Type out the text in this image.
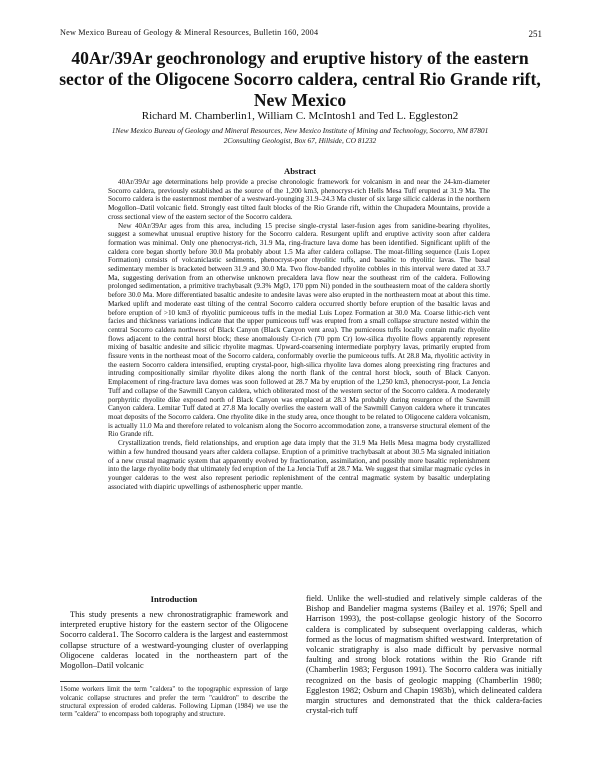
New Mexico Bureau of Geology & Mineral Resources, Bulletin 160, 2004	251
40Ar/39Ar geochronology and eruptive history of the eastern sector of the Oligocene Socorro caldera, central Rio Grande rift, New Mexico
Richard M. Chamberlin1, William C. McIntosh1 and Ted L. Eggleston2
1New Mexico Bureau of Geology and Mineral Resources, New Mexico Institute of Mining and Technology, Socorro, NM 87801
2Consulting Geologist, Box 67, Hillside, CO 81232
Abstract

40Ar/39Ar age determinations help provide a precise chronologic framework for volcanism in and near the 24-km-diameter Socorro caldera, previously established as the source of the 1,200 km3, phenocryst-rich Hells Mesa Tuff erupted at 31.9 Ma. The Socorro caldera is the easternmost member of a westward-younging 31.9–24.3 Ma cluster of six large silicic calderas in the northern Mogollon–Datil volcanic field. Strongly east tilted fault blocks of the Rio Grande rift, within the Chupadera Mountains, provide a cross sectional view of the eastern sector of the Socorro caldera.

New 40Ar/39Ar ages from this area, including 15 precise single-crystal laser-fusion ages from sanidine-bearing rhyolites, suggest a somewhat unusual eruptive history for the Socorro caldera. Resurgent uplift and eruptive activity soon after caldera formation was minimal. Only one phenocryst-rich, 31.9 Ma, ring-fracture lava dome has been identified. Significant uplift of the caldera core began shortly before 30.0 Ma probably about 1.5 Ma after caldera collapse. The moat-filling sequence (Luis Lopez Formation) consists of volcaniclastic sediments, phenocryst-poor rhyolitic tuffs, and basaltic to rhyolitic lavas. The basal sedimentary member is bracketed between 31.9 and 30.0 Ma. Two flow-banded rhyolite cobbles in this interval were dated at 33.7 Ma, suggesting derivation from an otherwise unknown precaldera lava flow near the southeast rim of the caldera. Following prolonged sedimentation, a primitive trachybasalt (9.3% MgO, 170 ppm Ni) ponded in the southeastern moat of the caldera shortly before 30.0 Ma. More differentiated basaltic andesite to andesite lavas were also erupted in the northeastern moat at about this time. Marked uplift and moderate east tilting of the central Socorro caldera occurred shortly before eruption of the basaltic lavas and before eruption of >10 km3 of rhyolitic pumiceous tuffs in the medial Luis Lopez Formation at 30.0 Ma. Coarse lithic-rich vent facies and thickness variations indicate that the upper pumiceous tuff was erupted from a small collapse structure nested within the central Socorro caldera northwest of Black Canyon (Black Canyon vent area). The pumiceous tuffs locally contain mafic rhyolite flows adjacent to the central horst block; these anomalously Cr-rich (70 ppm Cr) low-silica rhyolite flows apparently represent mixing of basaltic andesite and silicic rhyolite magmas. Upward-coarsening intermediate porphyry lavas, primarily erupted from fissure vents in the northeast moat of the Socorro caldera, conformably overlie the pumiceous tuffs. At 28.8 Ma, rhyolitic activity in the eastern Socorro caldera intensified, erupting crystal-poor, high-silica rhyolite lava domes along preexisting ring fractures and intruding compositionally similar rhyolite dikes along the north flank of the central horst block, south of Black Canyon. Emplacement of ring-fracture lava domes was soon followed at 28.7 Ma by eruption of the 1,250 km3, phenocryst-poor, La Jencia Tuff and collapse of the Sawmill Canyon caldera, which obliterated most of the western sector of the Socorro caldera. A moderately porphyritic rhyolite dike exposed north of Black Canyon was emplaced at 28.3 Ma probably during resurgence of the Sawmill Canyon caldera. Lemitar Tuff dated at 27.8 Ma locally overlies the eastern wall of the Sawmill Canyon caldera where it truncates moat deposits of the Socorro caldera. One rhyolite dike in the study area, once thought to be related to Oligocene caldera volcanism, is actually 11.0 Ma and therefore related to volcanism along the Socorro accommodation zone, a transverse structural element of the Rio Grande rift.

Crystallization trends, field relationships, and eruption age data imply that the 31.9 Ma Hells Mesa magma body crystallized within a few hundred thousand years after caldera collapse. Eruption of a primitive trachybasalt at about 30.5 Ma signaled initiation of a new crustal magmatic system that apparently evolved by fractionation, assimilation, and possibly more basaltic replenishment into the large rhyolite body that ultimately fed eruption of the La Jencia Tuff at 28.7 Ma. We suggest that similar magmatic cycles in younger calderas to the west also represent periodic replenishment of the central magmatic system by basaltic underplating associated with diapiric upwellings of asthenospheric upper mantle.

Introduction

This study presents a new chronostratigraphic framework and interpreted eruptive history for the eastern sector of the Oligocene Socorro caldera1. The Socorro caldera is the largest and easternmost collapse structure of a westward-younging cluster of overlapping Oligocene calderas located in the northeastern part of the Mogollon–Datil volcanic

1Some workers limit the term "caldera" to the topographic expression of large volcanic collapse structures and prefer the term "cauldron" to describe the structural expression of eroded calderas. Following Lipman (1984) we use the term "caldera" to encompass both topography and structure.

field. Unlike the well-studied and relatively simple calderas of the Bishop and Bandelier magma systems (Bailey et al. 1976; Spell and Harrison 1993), the post-collapse geologic history of the Socorro caldera is complicated by subsequent overlapping calderas, which formed as the locus of magmatism shifted westward. Interpretation of volcanic stratigraphy is also made difficult by pervasive normal faulting and strong block rotations within the Rio Grande rift (Chamberlin 1983; Ferguson 1991). The Socorro caldera was initially recognized on the basis of geologic mapping (Chamberlin 1980; Eggleston 1982; Osburn and Chapin 1983b), which delineated caldera margin structures and demonstrated that the thick caldera-facies crystal-rich tuff
